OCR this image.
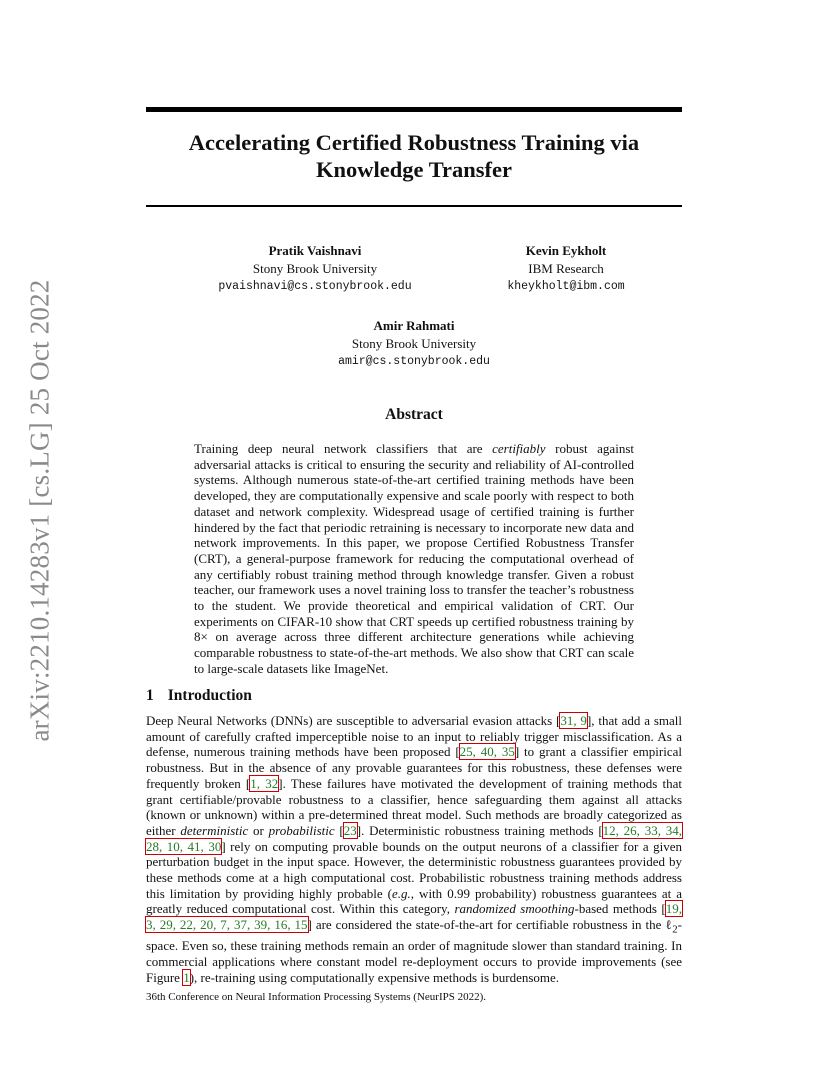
arXiv:2210.14283v1 [cs.LG] 25 Oct 2022
Accelerating Certified Robustness Training via
Knowledge Transfer
Pratik Vaishnavi
Stony Brook University
pvaishnavi@cs.stonybrook.edu
Kevin Eykholt
IBM Research
kheykholt@ibm.com
Amir Rahmati
Stony Brook University
amir@cs.stonybrook.edu
Abstract

Training deep neural network classifiers that are certifiably robust against adversarial attacks is critical to ensuring the security and reliability of AI-controlled systems. Although numerous state-of-the-art certified training methods have been developed, they are computationally expensive and scale poorly with respect to both dataset and network complexity. Widespread usage of certified training is further hindered by the fact that periodic retraining is necessary to incorporate new data and network improvements. In this paper, we propose Certified Robustness Transfer (CRT), a general-purpose framework for reducing the computational overhead of any certifiably robust training method through knowledge transfer. Given a robust teacher, our framework uses a novel training loss to transfer the teacher’s robustness to the student. We provide theoretical and empirical validation of CRT. Our experiments on CIFAR-10 show that CRT speeds up certified robustness training by 8× on average across three different architecture generations while achieving comparable robustness to state-of-the-art methods. We also show that CRT can scale to large-scale datasets like ImageNet.

1 Introduction

Deep Neural Networks (DNNs) are susceptible to adversarial evasion attacks [31, 9], that add a small amount of carefully crafted imperceptible noise to an input to reliably trigger misclassification. As a defense, numerous training methods have been proposed [25, 40, 35] to grant a classifier empirical robustness. But in the absence of any provable guarantees for this robustness, these defenses were frequently broken [1, 32]. These failures have motivated the development of training methods that grant certifiable/provable robustness to a classifier, hence safeguarding them against all attacks (known or unknown) within a pre-determined threat model. Such methods are broadly categorized as either deterministic or probabilistic [23]. Deterministic robustness training methods [12, 26, 33, 34, 28, 10, 41, 30] rely on computing provable bounds on the output neurons of a classifier for a given perturbation budget in the input space. However, the deterministic robustness guarantees provided by these methods come at a high computational cost. Probabilistic robustness training methods address this limitation by providing highly probable (e.g., with 0.99 probability) robustness guarantees at a greatly reduced computational cost. Within this category, randomized smoothing-based methods [19, 3, 29, 22, 20, 7, 37, 39, 16, 15] are considered the state-of-the-art for certifiable robustness in the ℓ$_2$-space. Even so, these training methods remain an order of magnitude slower than standard training. In commercial applications where constant model re-deployment occurs to provide improvements (see Figure 1), re-training using computationally expensive methods is burdensome.

36th Conference on Neural Information Processing Systems (NeurIPS 2022).
